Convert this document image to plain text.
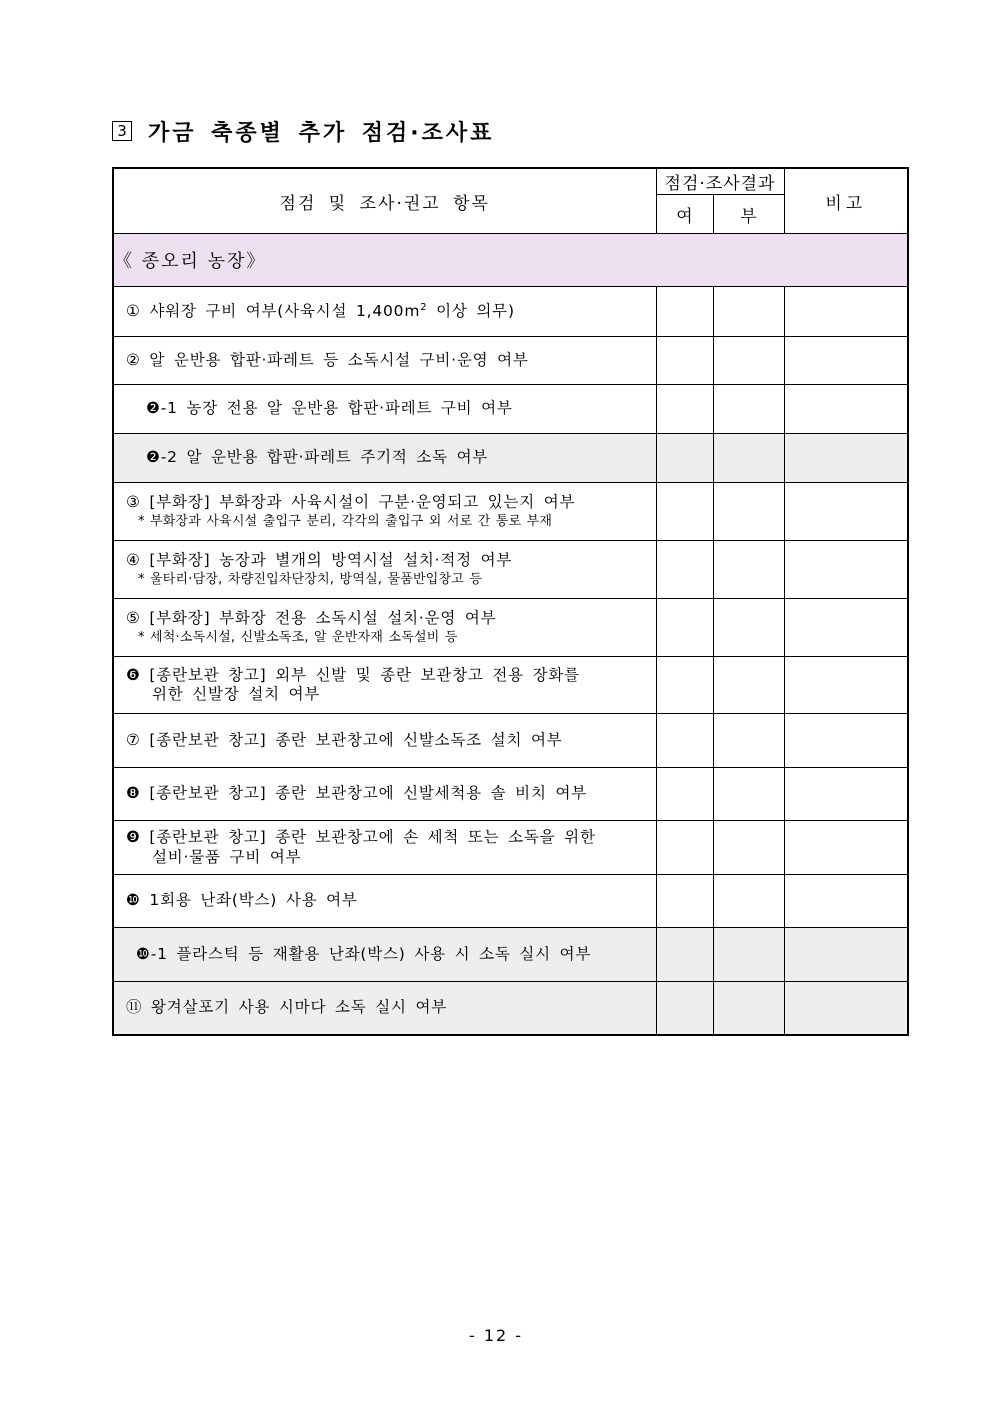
3 가금 축종별 추가 점검·조사표
점검 및 조사·권고 항목	점검·조사결과		비고
	여	부	
《 종오리 농장》			
① 샤워장 구비 여부(사육시설 $1,400m^2$ 이상 의무)			
② 알 운반용 합판·파레트 등 소독시설 구비·운영 여부			
❷-1 농장 전용 알 운반용 합판·파레트 구비 여부			
❷-2 알 운반용 합판·파레트 주기적 소독 여부			
③ [부화장] 부화장과 사육시설이 구분·운영되고 있는지 여부
* 부화장과 사육시설 출입구 분리, 각각의 출입구 외 서로 간 통로 부재			

④ [부화장] 농장과 별개의 방역시설 설치·적정 여부
* 울타리·담장, 차량진입차단장치, 방역실, 물품반입창고 등			

⑤ [부화장] 부화장 전용 소독시설 설치·운영 여부
* 세척·소독시설, 신발소독조, 알 운반자재 소독설비 등			

❻ [종란보관 창고] 외부 신발 및 종란 보관창고 전용 장화를
위한 신발장 설치 여부			

⑦ [종란보관 창고] 종란 보관창고에 신발소독조 설치 여부			
❽ [종란보관 창고] 종란 보관창고에 신발세척용 솔 비치 여부			
❾ [종란보관 창고] 종란 보관창고에 손 세척 또는 소독을 위한
설비·물품 구비 여부			

❿ 1회용 난좌(박스) 사용 여부			
❿-1 플라스틱 등 재활용 난좌(박스) 사용 시 소독 실시 여부			
⑪ 왕겨살포기 사용 시마다 소독 실시 여부			
- 12 -
